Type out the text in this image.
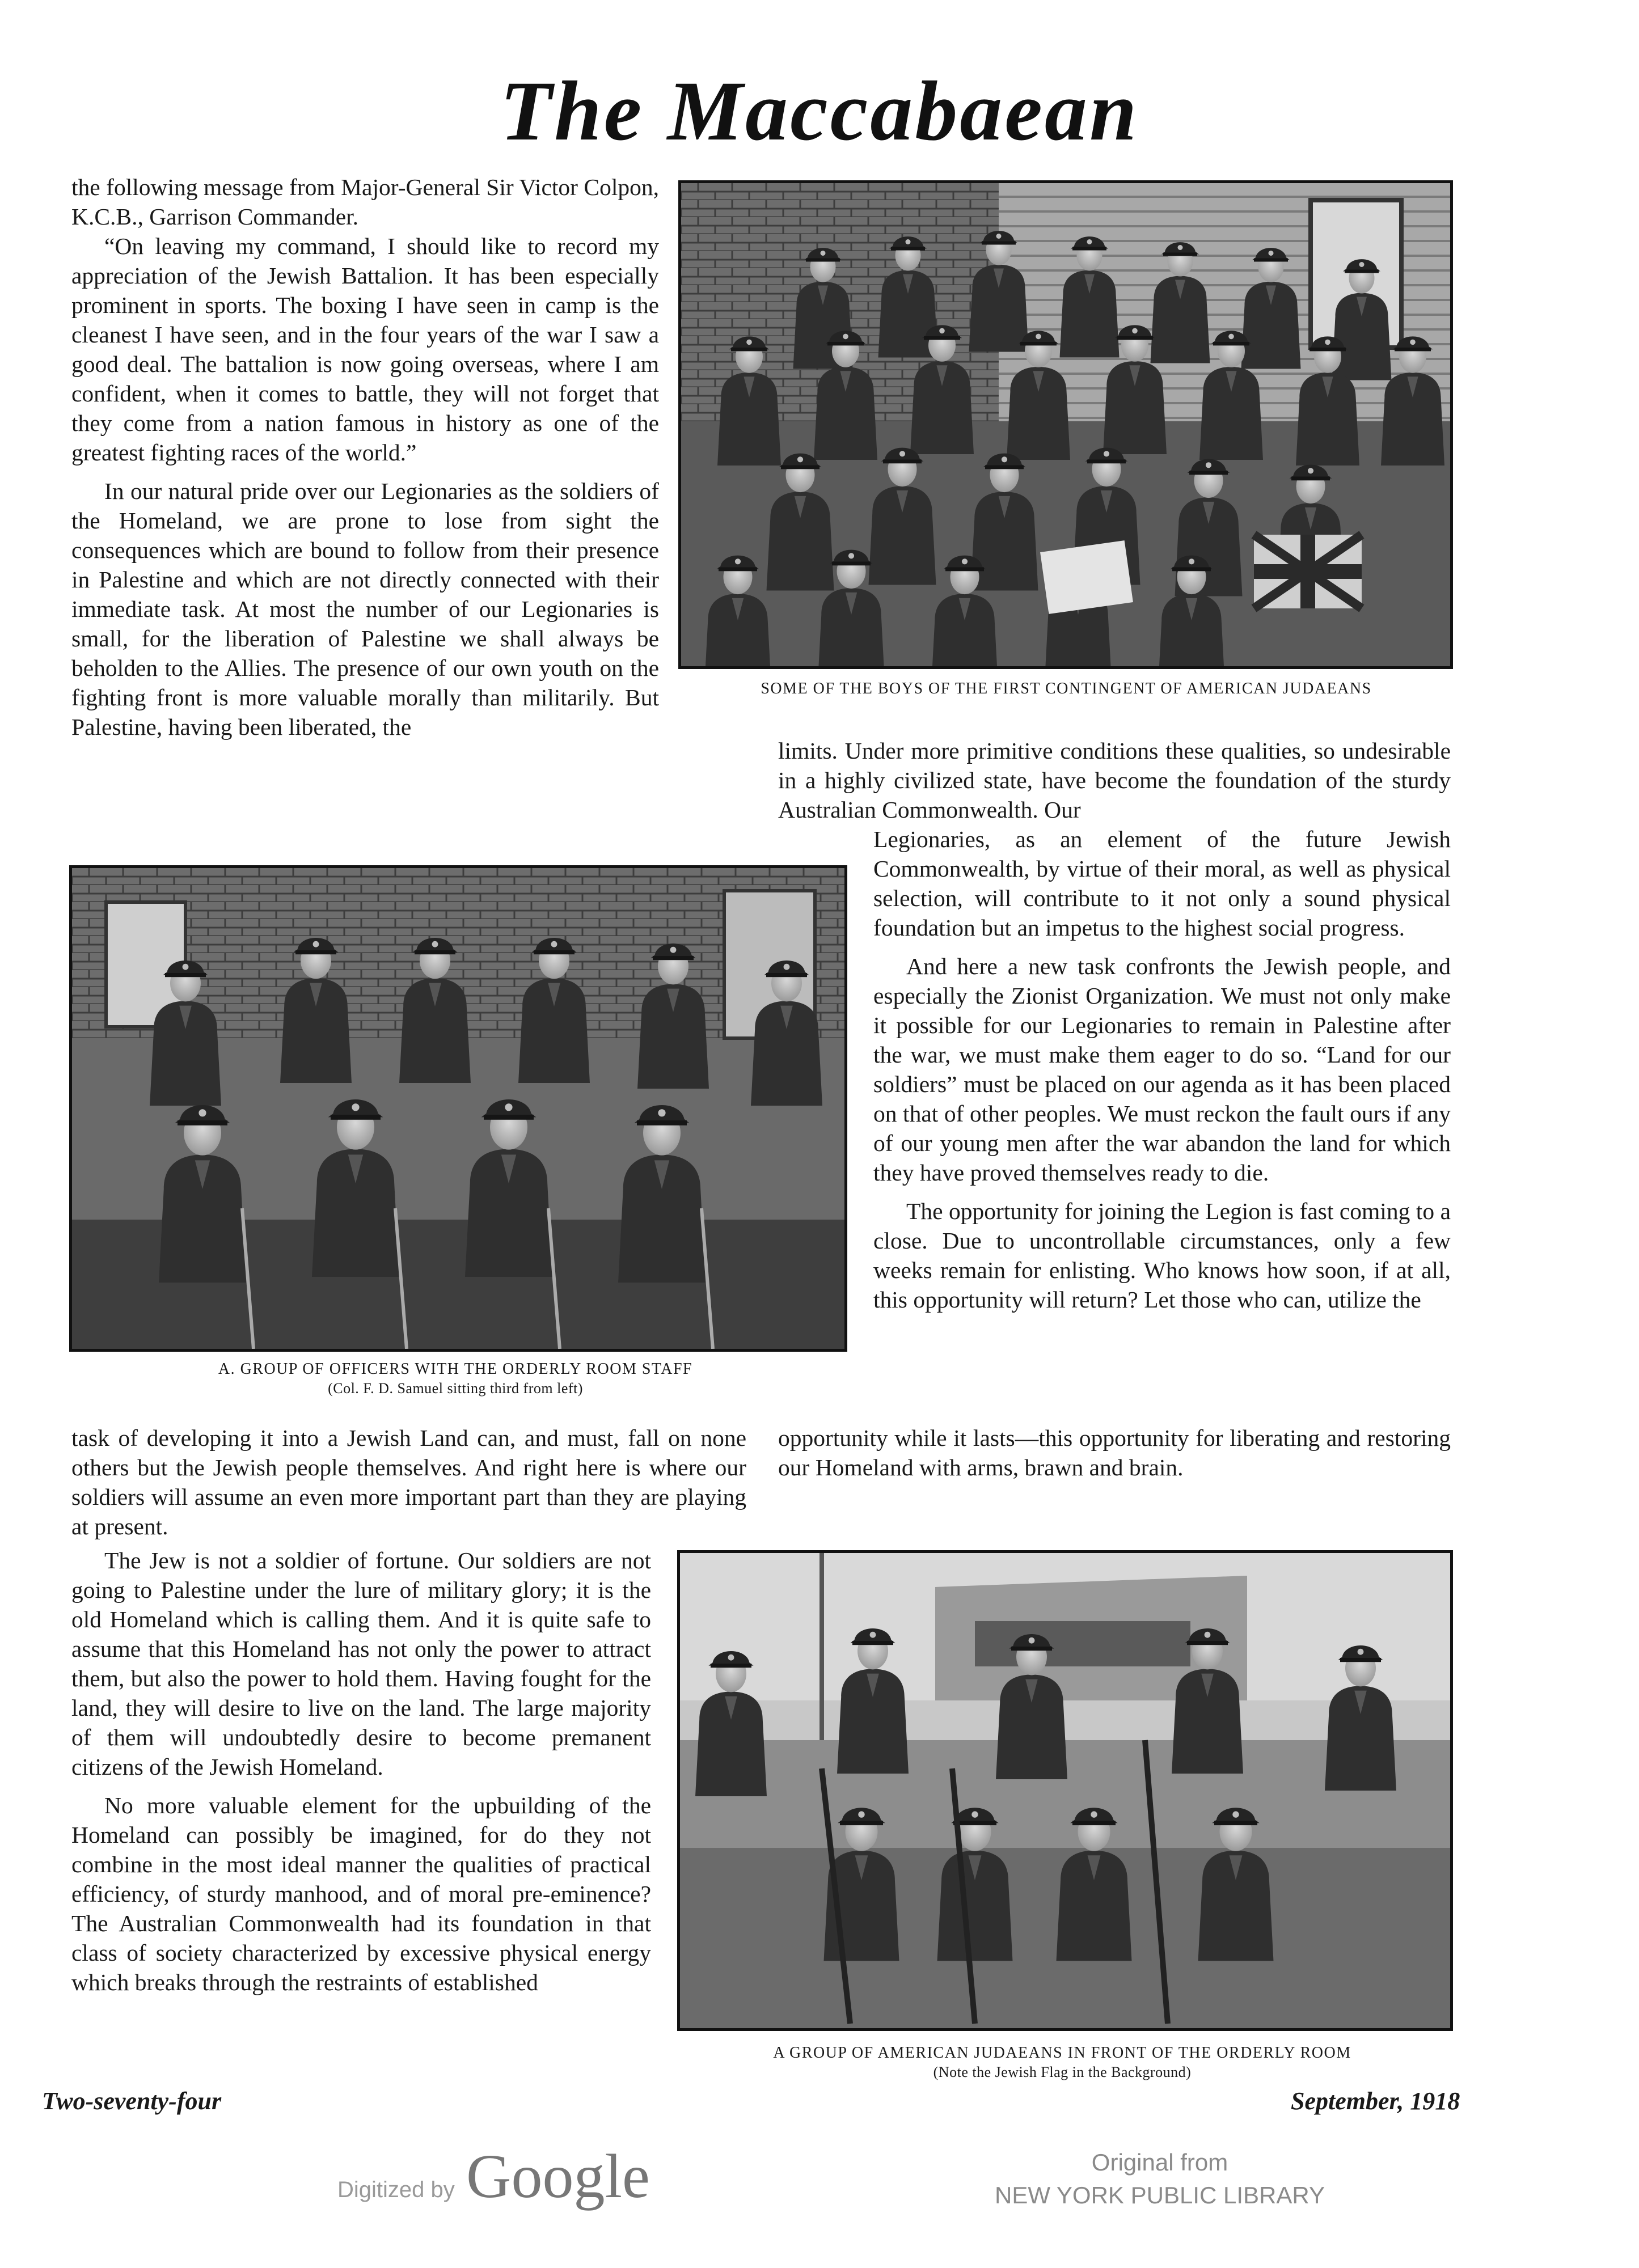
The Maccabaean
SOME OF THE BOYS OF THE FIRST CONTINGENT OF AMERICAN JUDAEANS

the following message from Major-General Sir Victor Colpon, K.C.B., Garrison Commander.

“On leaving my command, I should like to record my appreciation of the Jewish Battalion. It has been especially prominent in sports. The boxing I have seen in camp is the cleanest I have seen, and in the four years of the war I saw a good deal. The battalion is now going overseas, where I am confident, when it comes to battle, they will not forget that they come from a nation famous in history as one of the greatest fighting races of the world.”

In our natural pride over our Legionaries as the soldiers of the Homeland, we are prone to lose from sight the consequences which are bound to follow from their presence in Palestine and which are not directly connected with their immediate task. At most the number of our Legionaries is small, for the liberation of Palestine we shall always be beholden to the Allies. The presence of our own youth on the fighting front is more valuable morally than militarily. But Palestine, having been liberated, the

limits. Under more primitive conditions these qualities, so undesirable in a highly civilized state, have become the foundation of the sturdy Australian Commonwealth. Our

Legionaries, as an element of the future Jewish Commonwealth, by virtue of their moral, as well as physical selection, will contribute to it not only a sound physical foundation but an impetus to the highest social progress.

And here a new task confronts the Jewish people, and especially the Zionist Organization. We must not only make it possible for our Legionaries to remain in Palestine after the war, we must make them eager to do so. “Land for our soldiers” must be placed on our agenda as it has been placed on that of other peoples. We must reckon the fault ours if any of our young men after the war abandon the land for which they have proved themselves ready to die.

The opportunity for joining the Legion is fast coming to a close. Due to uncontrollable circumstances, only a few weeks remain for enlisting. Who knows how soon, if at all, this opportunity will return? Let those who can, utilize the

opportunity while it lasts—this opportunity for liberating and restoring our Homeland with arms, brawn and brain.

A. GROUP OF OFFICERS WITH THE ORDERLY ROOM STAFF
(Col. F. D. Samuel sitting third from left)

task of developing it into a Jewish Land can, and must, fall on none others but the Jewish people themselves. And right here is where our soldiers will assume an even more important part than they are playing at present.

The Jew is not a soldier of fortune. Our soldiers are not going to Palestine under the lure of military glory; it is the old Homeland which is calling them. And it is quite safe to assume that this Homeland has not only the power to attract them, but also the power to hold them. Having fought for the land, they will desire to live on the land. The large majority of them will undoubtedly desire to become premanent citizens of the Jewish Homeland.

No more valuable element for the upbuilding of the Homeland can possibly be imagined, for do they not combine in the most ideal manner the qualities of practical efficiency, of sturdy manhood, and of moral pre-eminence? The Australian Commonwealth had its foundation in that class of society characterized by excessive physical energy which breaks through the restraints of established

A GROUP OF AMERICAN JUDAEANS IN FRONT OF THE ORDERLY ROOM
(Note the Jewish Flag in the Background)
Two-seventy-four	September, 1918
Digitized by Google	Original from
NEW YORK PUBLIC LIBRARY
